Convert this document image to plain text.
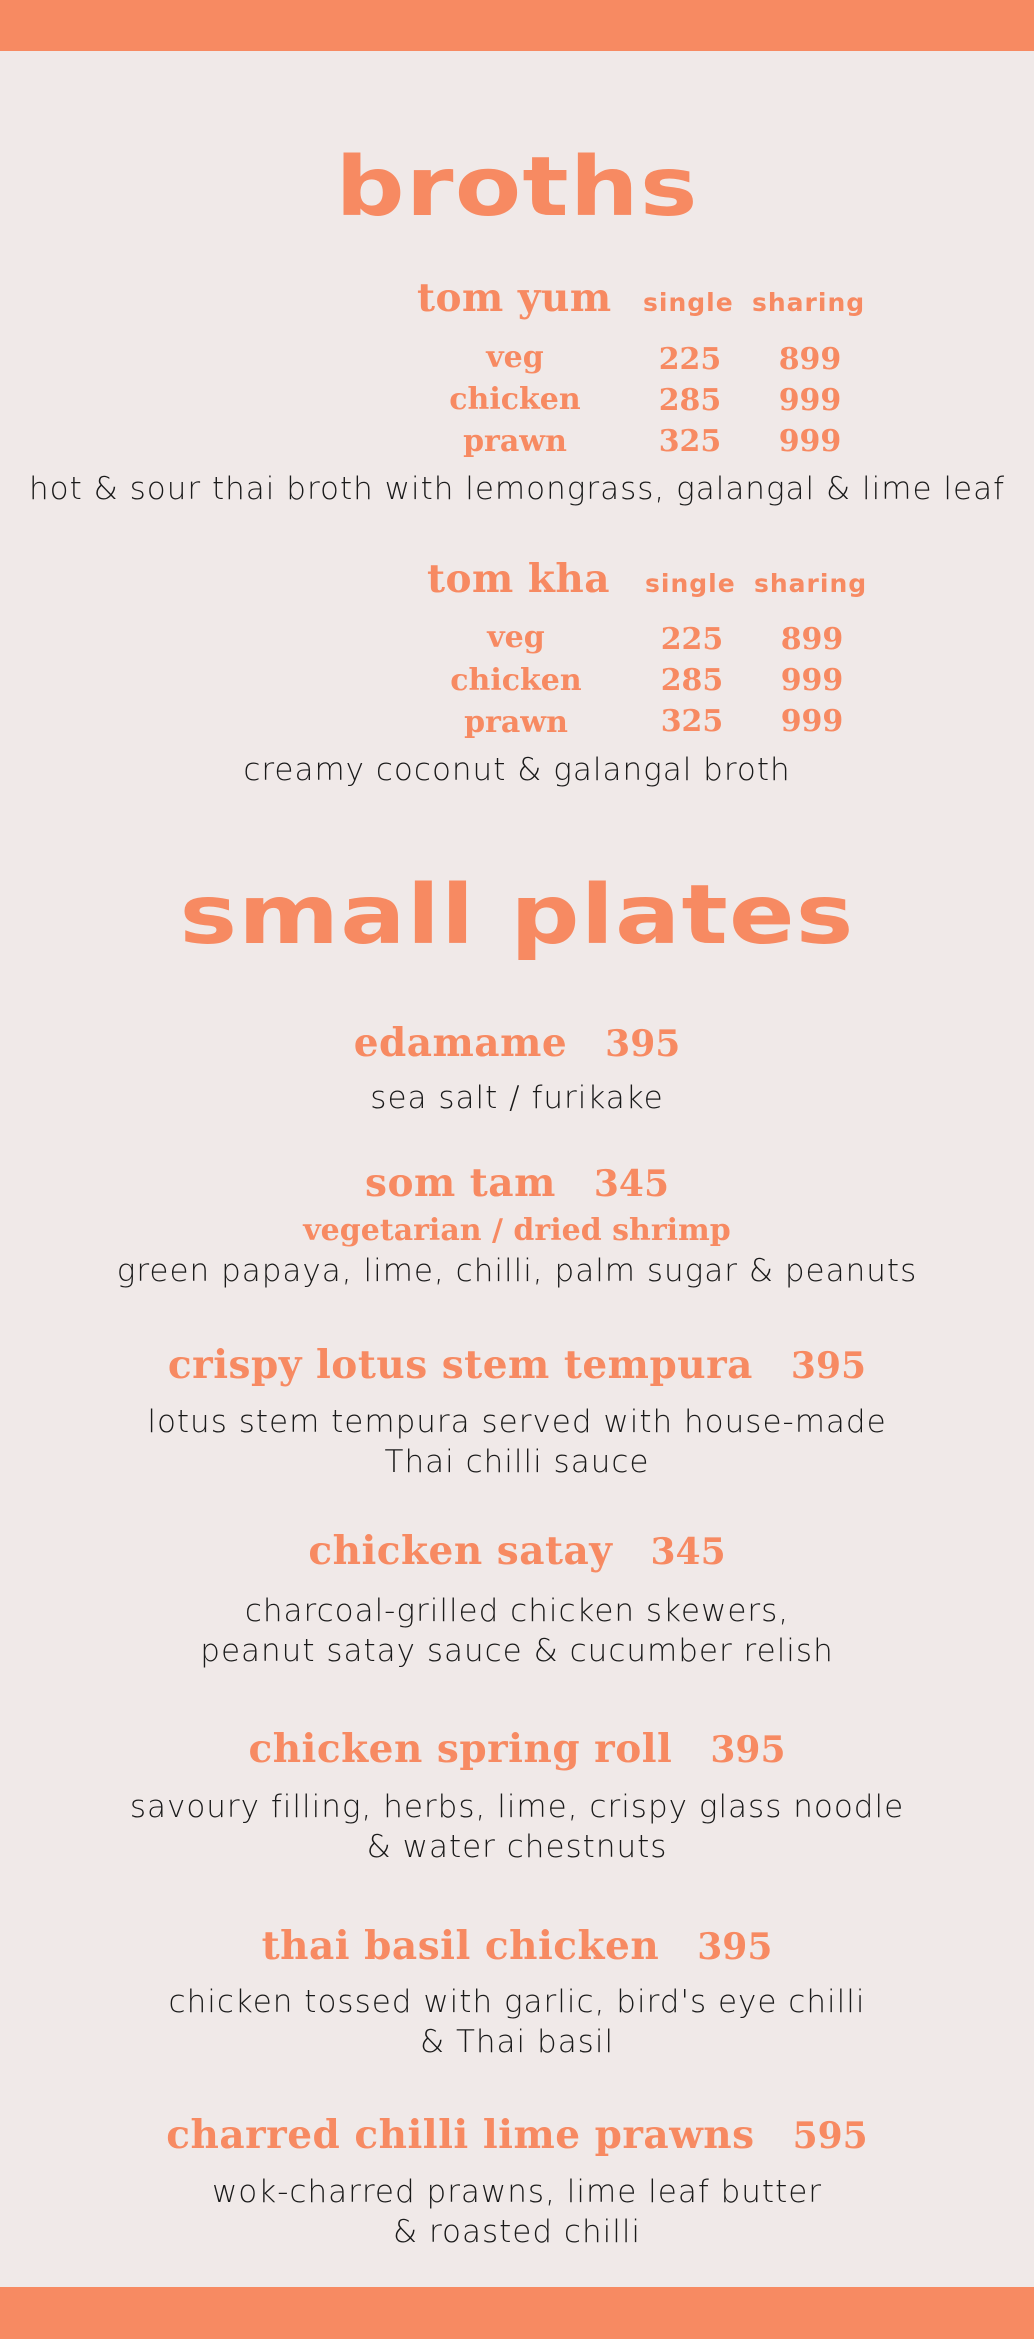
broths
tom yum single sharing
veg	225	899
chicken	285	999
prawn	325	999
hot & sour thai broth with lemongrass, galangal & lime leaf
tom kha single sharing
veg	225	899
chicken	285	999
prawn	325	999
creamy coconut & galangal broth
small plates
edamame 395
sea salt / furikake
som tam 345
vegetarian / dried shrimp
green papaya, lime, chilli, palm sugar & peanuts
crispy lotus stem tempura 395
lotus stem tempura served with house-made
Thai chilli sauce
chicken satay 345
charcoal-grilled chicken skewers,
peanut satay sauce & cucumber relish
chicken spring roll 395
savoury filling, herbs, lime, crispy glass noodle
& water chestnuts
thai basil chicken 395
chicken tossed with garlic, bird's eye chilli
& Thai basil
charred chilli lime prawns 595
wok-charred prawns, lime leaf butter
& roasted chilli
